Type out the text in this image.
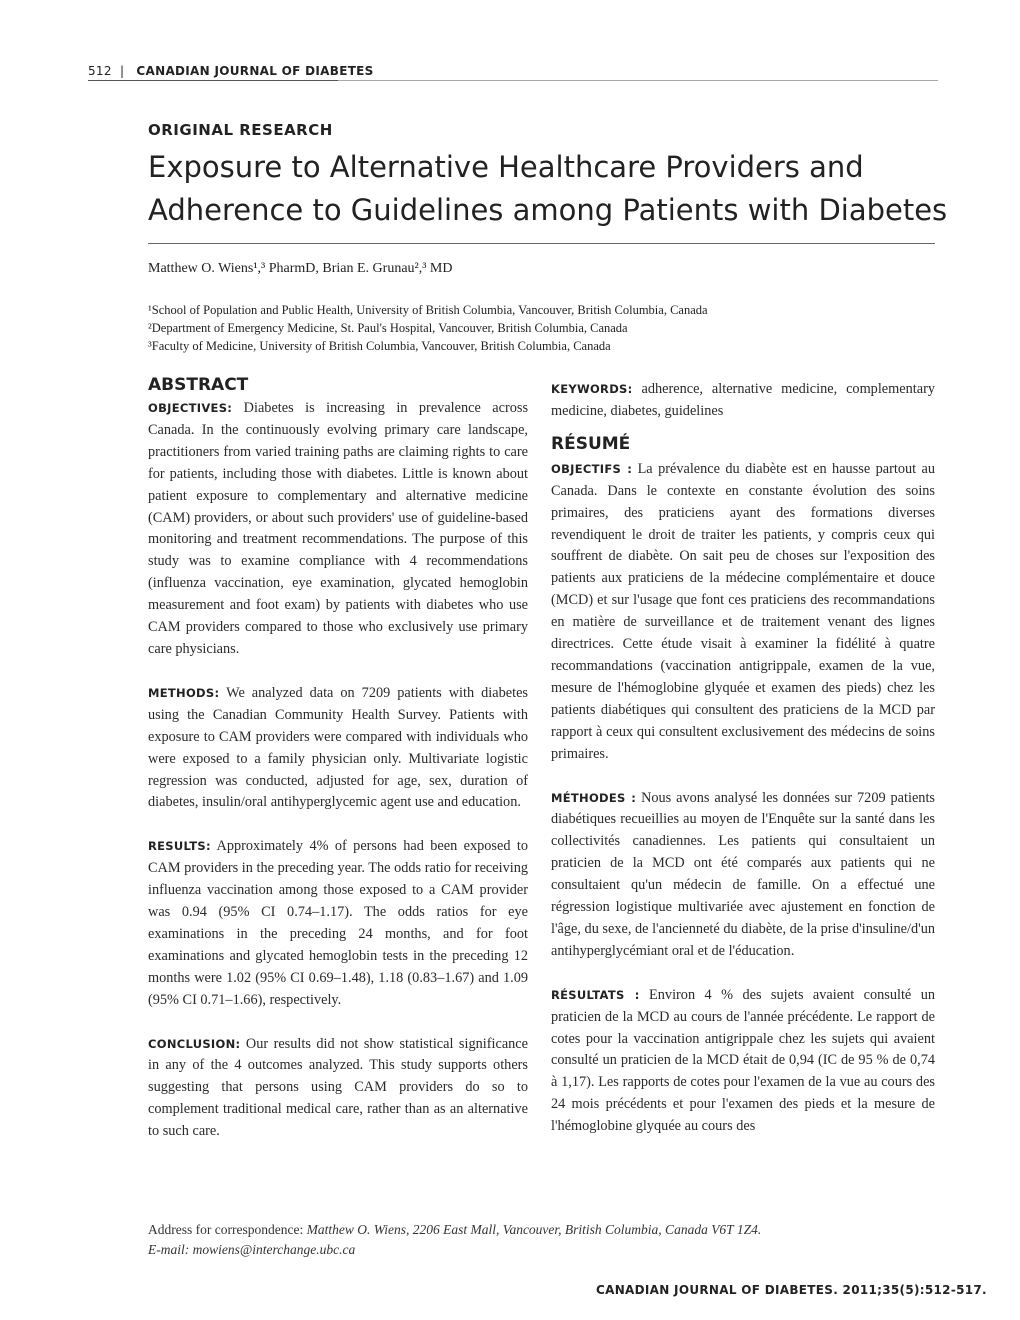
512 | CANADIAN JOURNAL OF DIABETES
ORIGINAL RESEARCH
Exposure to Alternative Healthcare Providers and Adherence to Guidelines among Patients with Diabetes
Matthew O. Wiens¹,³ PharmD, Brian E. Grunau²,³ MD
¹School of Population and Public Health, University of British Columbia, Vancouver, British Columbia, Canada
²Department of Emergency Medicine, St. Paul's Hospital, Vancouver, British Columbia, Canada
³Faculty of Medicine, University of British Columbia, Vancouver, British Columbia, Canada
ABSTRACT

OBJECTIVES: Diabetes is increasing in prevalence across Canada. In the continuously evolving primary care landscape, practitioners from varied training paths are claiming rights to care for patients, including those with diabetes. Little is known about patient exposure to complementary and alternative medicine (CAM) providers, or about such providers' use of guideline-based monitoring and treatment recommendations. The purpose of this study was to examine compliance with 4 recommendations (influenza vaccination, eye examination, glycated hemoglobin measurement and foot exam) by patients with diabetes who use CAM providers compared to those who exclusively use primary care physicians.

METHODS: We analyzed data on 7209 patients with diabetes using the Canadian Community Health Survey. Patients with exposure to CAM providers were compared with individuals who were exposed to a family physician only. Multivariate logistic regression was conducted, adjusted for age, sex, duration of diabetes, insulin/oral antihyperglycemic agent use and education.

RESULTS: Approximately 4% of persons had been exposed to CAM providers in the preceding year. The odds ratio for receiving influenza vaccination among those exposed to a CAM provider was 0.94 (95% CI 0.74–1.17). The odds ratios for eye examinations in the preceding 24 months, and for foot examinations and glycated hemoglobin tests in the preceding 12 months were 1.02 (95% CI 0.69–1.48), 1.18 (0.83–1.67) and 1.09 (95% CI 0.71–1.66), respectively.

CONCLUSION: Our results did not show statistical significance in any of the 4 outcomes analyzed. This study supports others suggesting that persons using CAM providers do so to complement traditional medical care, rather than as an alternative to such care.

KEYWORDS: adherence, alternative medicine, complementary medicine, diabetes, guidelines

RÉSUMÉ

OBJECTIFS : La prévalence du diabète est en hausse partout au Canada. Dans le contexte en constante évolution des soins primaires, des praticiens ayant des formations diverses revendiquent le droit de traiter les patients, y compris ceux qui souffrent de diabète. On sait peu de choses sur l'exposition des patients aux praticiens de la médecine complémentaire et douce (MCD) et sur l'usage que font ces praticiens des recommandations en matière de surveillance et de traitement venant des lignes directrices. Cette étude visait à examiner la fidélité à quatre recommandations (vaccination antigrippale, examen de la vue, mesure de l'hémoglobine glyquée et examen des pieds) chez les patients diabétiques qui consultent des praticiens de la MCD par rapport à ceux qui consultent exclusivement des médecins de soins primaires.

MÉTHODES : Nous avons analysé les données sur 7209 patients diabétiques recueillies au moyen de l'Enquête sur la santé dans les collectivités canadiennes. Les patients qui consultaient un praticien de la MCD ont été comparés aux patients qui ne consultaient qu'un médecin de famille. On a effectué une régression logistique multivariée avec ajustement en fonction de l'âge, du sexe, de l'ancienneté du diabète, de la prise d'insuline/d'un antihyperglycémiant oral et de l'éducation.

RÉSULTATS : Environ 4 % des sujets avaient consulté un praticien de la MCD au cours de l'année précédente. Le rapport de cotes pour la vaccination antigrippale chez les sujets qui avaient consulté un praticien de la MCD était de 0,94 (IC de 95 % de 0,74 à 1,17). Les rapports de cotes pour l'examen de la vue au cours des 24 mois précédents et pour l'examen des pieds et la mesure de l'hémoglobine glyquée au cours des

Address for correspondence: Matthew O. Wiens, 2206 East Mall, Vancouver, British Columbia, Canada V6T 1Z4.
E-mail: mowiens@interchange.ubc.ca
CANADIAN JOURNAL OF DIABETES. 2011;35(5):512-517.
